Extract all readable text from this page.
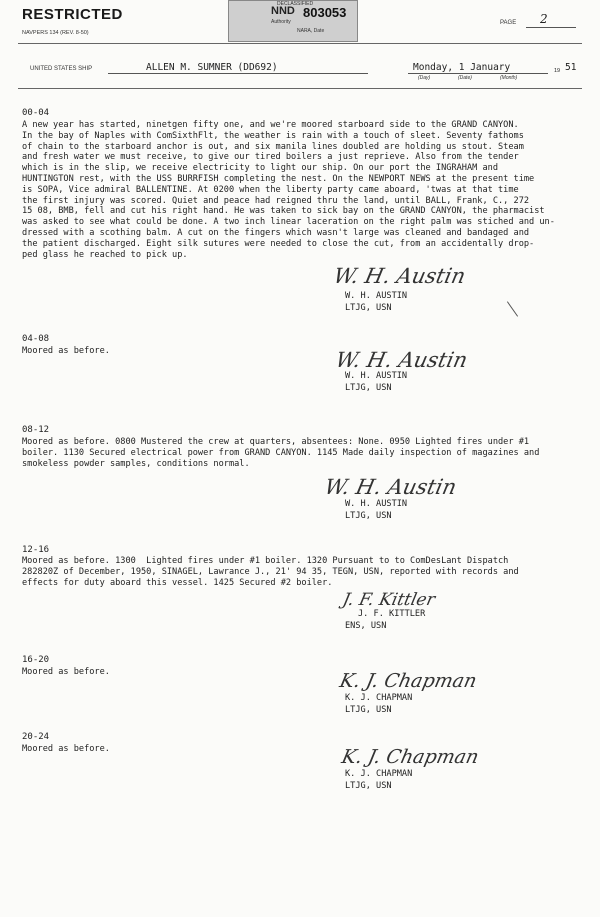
RESTRICTED
NAVPERS 134 (REV. 8-50)
DECLASSIFIED
NND 803053
Authority
NARA, Date
PAGE 2
UNITED STATES SHIP	ALLEN M. SUMNER (DD692)	Monday, 1 January
(Day)	(Date)	(Month)
19 51
00-04
A new year has started, ninetgen fifty one, and we're moored starboard side to the GRAND CANYON.
In the bay of Naples with ComSixthFlt, the weather is rain with a touch of sleet. Seventy fathoms
of chain to the starboard anchor is out, and six manila lines doubled are holding us stout. Steam
and fresh water we must receive, to give our tired boilers a just reprieve. Also from the tender
which is in the slip, we receive electricity to light our ship. On our port the INGRAHAM and
HUNTINGTON rest, with the USS BURRFISH completing the nest. On the NEWPORT NEWS at the present time
is SOPA, Vice admiral BALLENTINE. At 0200 when the liberty party came aboard, 'twas at that time
the first injury was scored. Quiet and peace had reigned thru the land, until BALL, Frank, C., 272
15 08, BMB, fell and cut his right hand. He was taken to sick bay on the GRAND CANYON, the pharmacist
was asked to see what could be done. A two inch linear laceration on the right palm was stiched and un-
dressed with a scothing balm. A cut on the fingers which wasn't large was cleaned and bandaged and
the patient discharged. Eight silk sutures were needed to close the cut, from an accidentally drop-
ped glass he reached to pick up.
W. H. Austin
W. H. AUSTIN
LTJG, USN
04-08
Moored as before.	W. H. Austin
W. H. AUSTIN
LTJG, USN
08-12
Moored as before. 0800 Mustered the crew at quarters, absentees: None. 0950 Lighted fires under #1
boiler. 1130 Secured electrical power from GRAND CANYON. 1145 Made daily inspection of magazines and
smokeless powder samples, conditions normal.
W. H. Austin
W. H. AUSTIN
LTJG, USN
12-16
Moored as before. 1300  Lighted fires under #1 boiler. 1320 Pursuant to to ComDesLant Dispatch
282820Z of December, 1950, SINAGEL, Lawrance J., 21' 94 35, TEGN, USN, reported with records and
effects for duty aboard this vessel. 1425 Secured #2 boiler.
J. F. Kittler
J. F. KITTLER
ENS, USN
16-20
Moored as before.	K. J. Chapman
K. J. CHAPMAN
LTJG, USN
20-24
Moored as before.	K. J. Chapman
K. J. CHAPMAN
LTJG, USN
